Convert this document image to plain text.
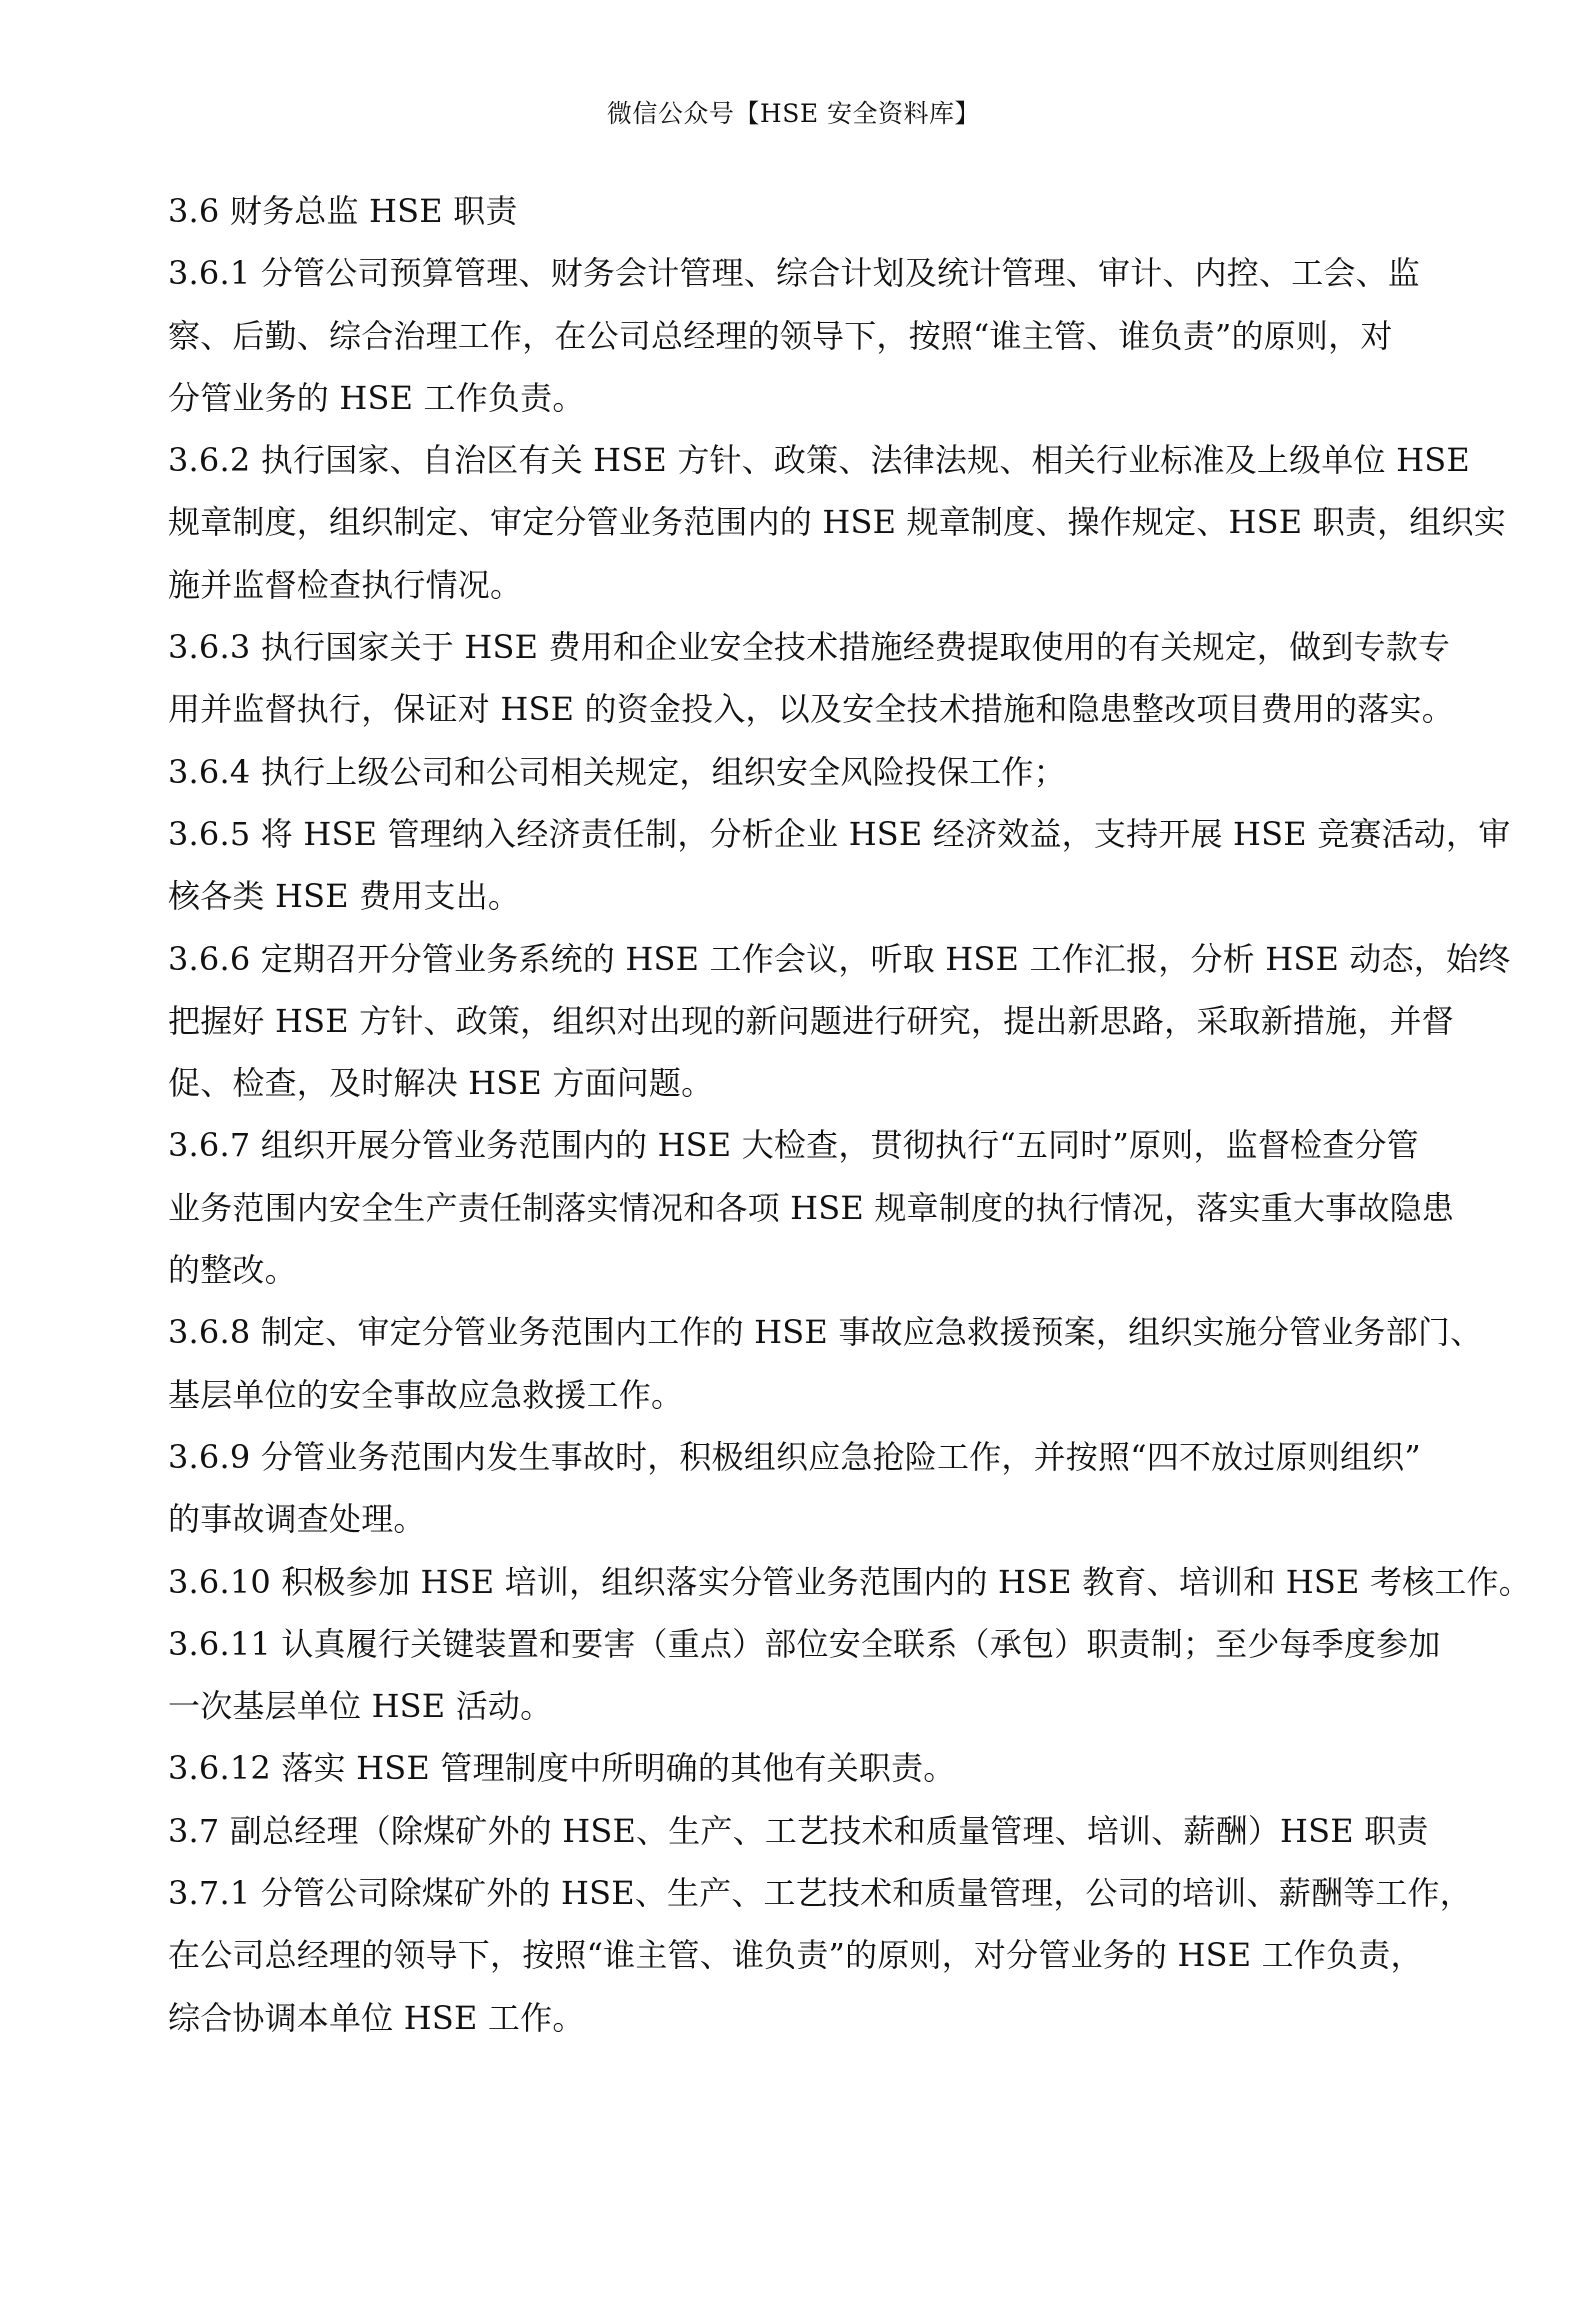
微信公众号【HSE 安全资料库】
3.6 财务总监 HSE 职责
3.6.1 分管公司预算管理、财务会计管理、综合计划及统计管理、审计、内控、工会、监
察、后勤、综合治理工作，在公司总经理的领导下，按照“谁主管、谁负责”的原则，对
分管业务的 HSE 工作负责。
3.6.2 执行国家、自治区有关 HSE 方针、政策、法律法规、相关行业标准及上级单位 HSE
规章制度，组织制定、审定分管业务范围内的 HSE 规章制度、操作规定、HSE 职责，组织实
施并监督检查执行情况。
3.6.3 执行国家关于 HSE 费用和企业安全技术措施经费提取使用的有关规定，做到专款专
用并监督执行，保证对 HSE 的资金投入，以及安全技术措施和隐患整改项目费用的落实。
3.6.4 执行上级公司和公司相关规定，组织安全风险投保工作；
3.6.5 将 HSE 管理纳入经济责任制，分析企业 HSE 经济效益，支持开展 HSE 竞赛活动，审
核各类 HSE 费用支出。
3.6.6 定期召开分管业务系统的 HSE 工作会议，听取 HSE 工作汇报，分析 HSE 动态，始终
把握好 HSE 方针、政策，组织对出现的新问题进行研究，提出新思路，采取新措施，并督
促、检查，及时解决 HSE 方面问题。
3.6.7 组织开展分管业务范围内的 HSE 大检查，贯彻执行“五同时”原则，监督检查分管
业务范围内安全生产责任制落实情况和各项 HSE 规章制度的执行情况，落实重大事故隐患
的整改。
3.6.8 制定、审定分管业务范围内工作的 HSE 事故应急救援预案，组织实施分管业务部门、
基层单位的安全事故应急救援工作。
3.6.9 分管业务范围内发生事故时，积极组织应急抢险工作，并按照“四不放过原则组织”
的事故调查处理。
3.6.10 积极参加 HSE 培训，组织落实分管业务范围内的 HSE 教育、培训和 HSE 考核工作。
3.6.11 认真履行关键装置和要害（重点）部位安全联系（承包）职责制；至少每季度参加
一次基层单位 HSE 活动。
3.6.12 落实 HSE 管理制度中所明确的其他有关职责。
3.7 副总经理（除煤矿外的 HSE、生产、工艺技术和质量管理、培训、薪酬）HSE 职责
3.7.1 分管公司除煤矿外的 HSE、生产、工艺技术和质量管理，公司的培训、薪酬等工作，
在公司总经理的领导下，按照“谁主管、谁负责”的原则，对分管业务的 HSE 工作负责，
综合协调本单位 HSE 工作。
